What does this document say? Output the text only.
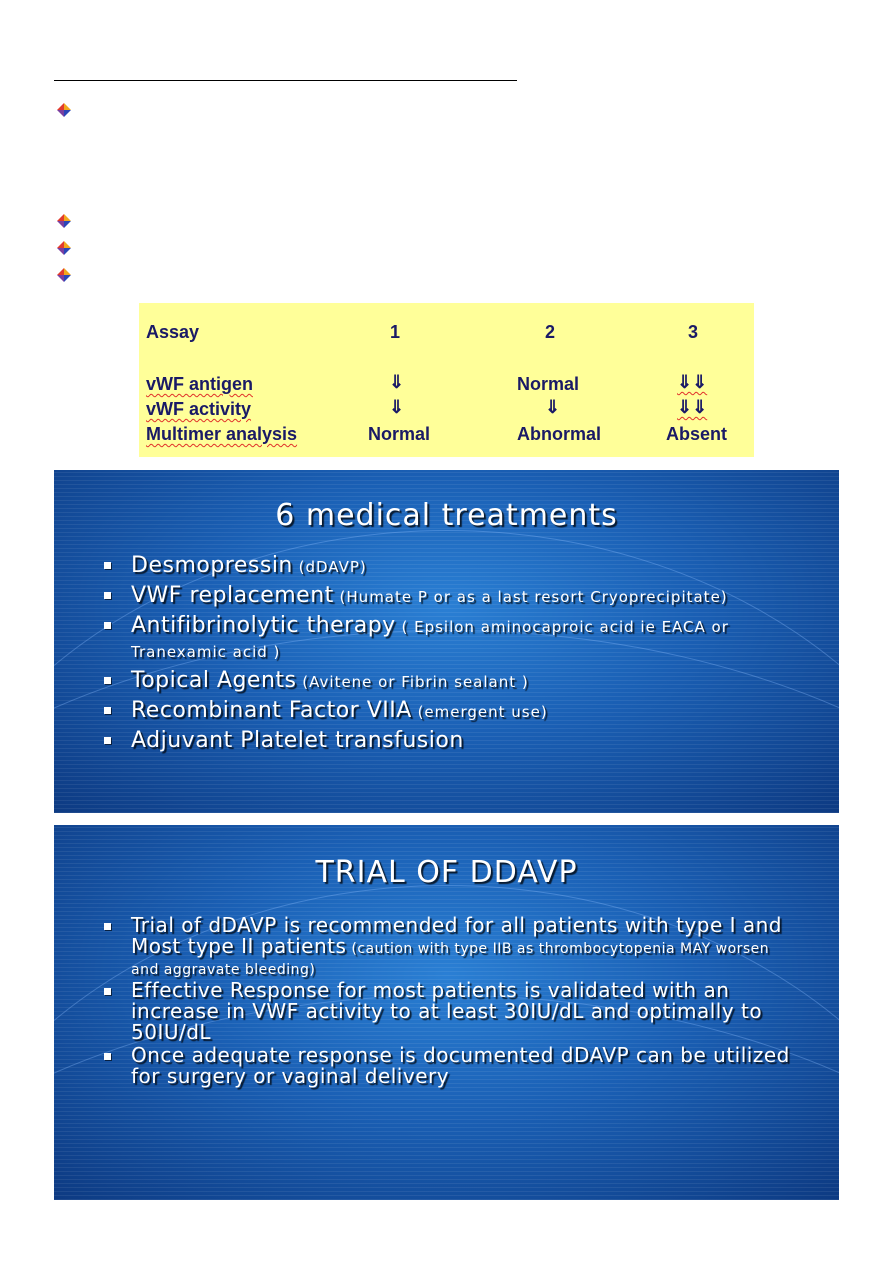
Assay	1	2	3
vWF antigen	⇓	Normal	⇓⇓
vWF activity	⇓	⇓	⇓⇓
Multimer analysis	Normal	Abnormal	Absent
6 medical treatments
Desmopressin (dDAVP)
VWF replacement (Humate P or as a last resort Cryoprecipitate)
Antifibrinolytic therapy ( Epsilon aminocaproic acid ie EACA or Tranexamic acid )
Topical Agents (Avitene or Fibrin sealant )
Recombinant Factor VIIA (emergent use)
Adjuvant Platelet transfusion
TRIAL OF DDAVP
Trial of dDAVP is recommended for all patients with type I and Most type II patients (caution with type IIB as thrombocytopenia MAY worsen and aggravate bleeding)
Effective Response for most patients is validated with an increase in VWF activity to at least 30IU/dL and optimally to 50IU/dL
Once adequate response is documented dDAVP can be utilized for surgery or vaginal delivery
